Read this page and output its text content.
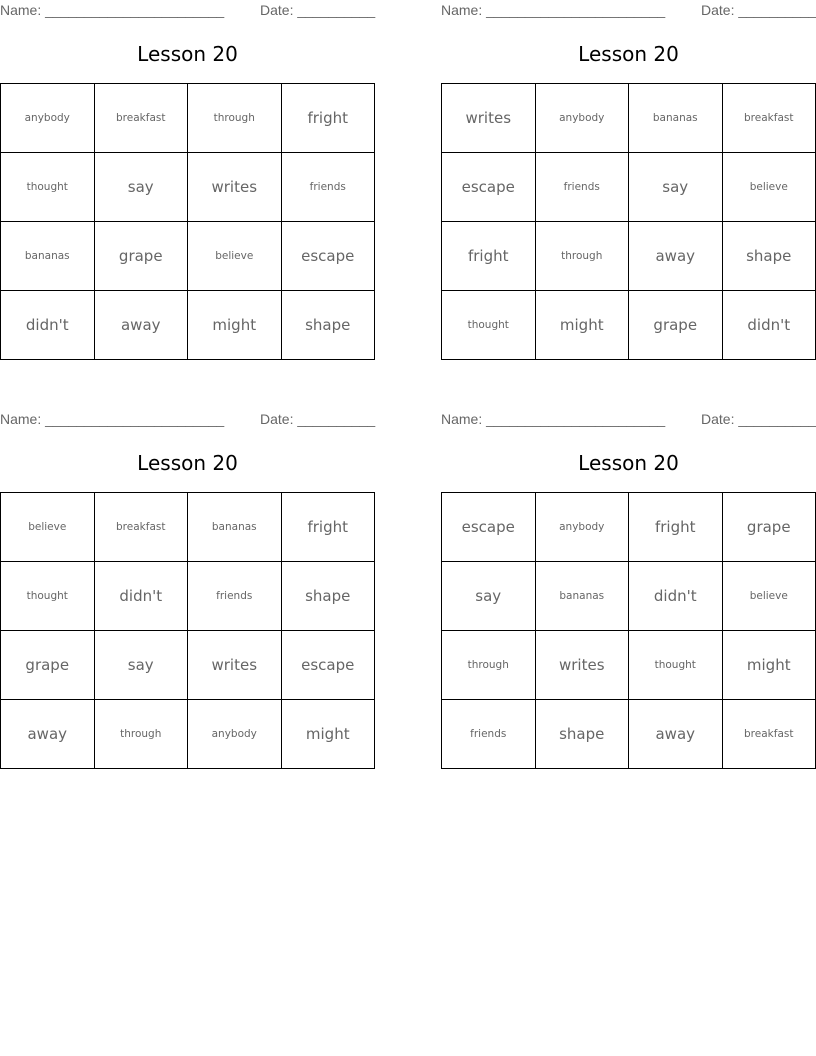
Name: _______________________	Date: __________
Lesson 20
anybody	breakfast	through	fright
thought	say	writes	friends
bananas	grape	believe	escape
didn't	away	might	shape
Name: _______________________	Date: __________
Lesson 20
writes	anybody	bananas	breakfast
escape	friends	say	believe
fright	through	away	shape
thought	might	grape	didn't
Name: _______________________	Date: __________
Lesson 20
believe	breakfast	bananas	fright
thought	didn't	friends	shape
grape	say	writes	escape
away	through	anybody	might
Name: _______________________	Date: __________
Lesson 20
escape	anybody	fright	grape
say	bananas	didn't	believe
through	writes	thought	might
friends	shape	away	breakfast
